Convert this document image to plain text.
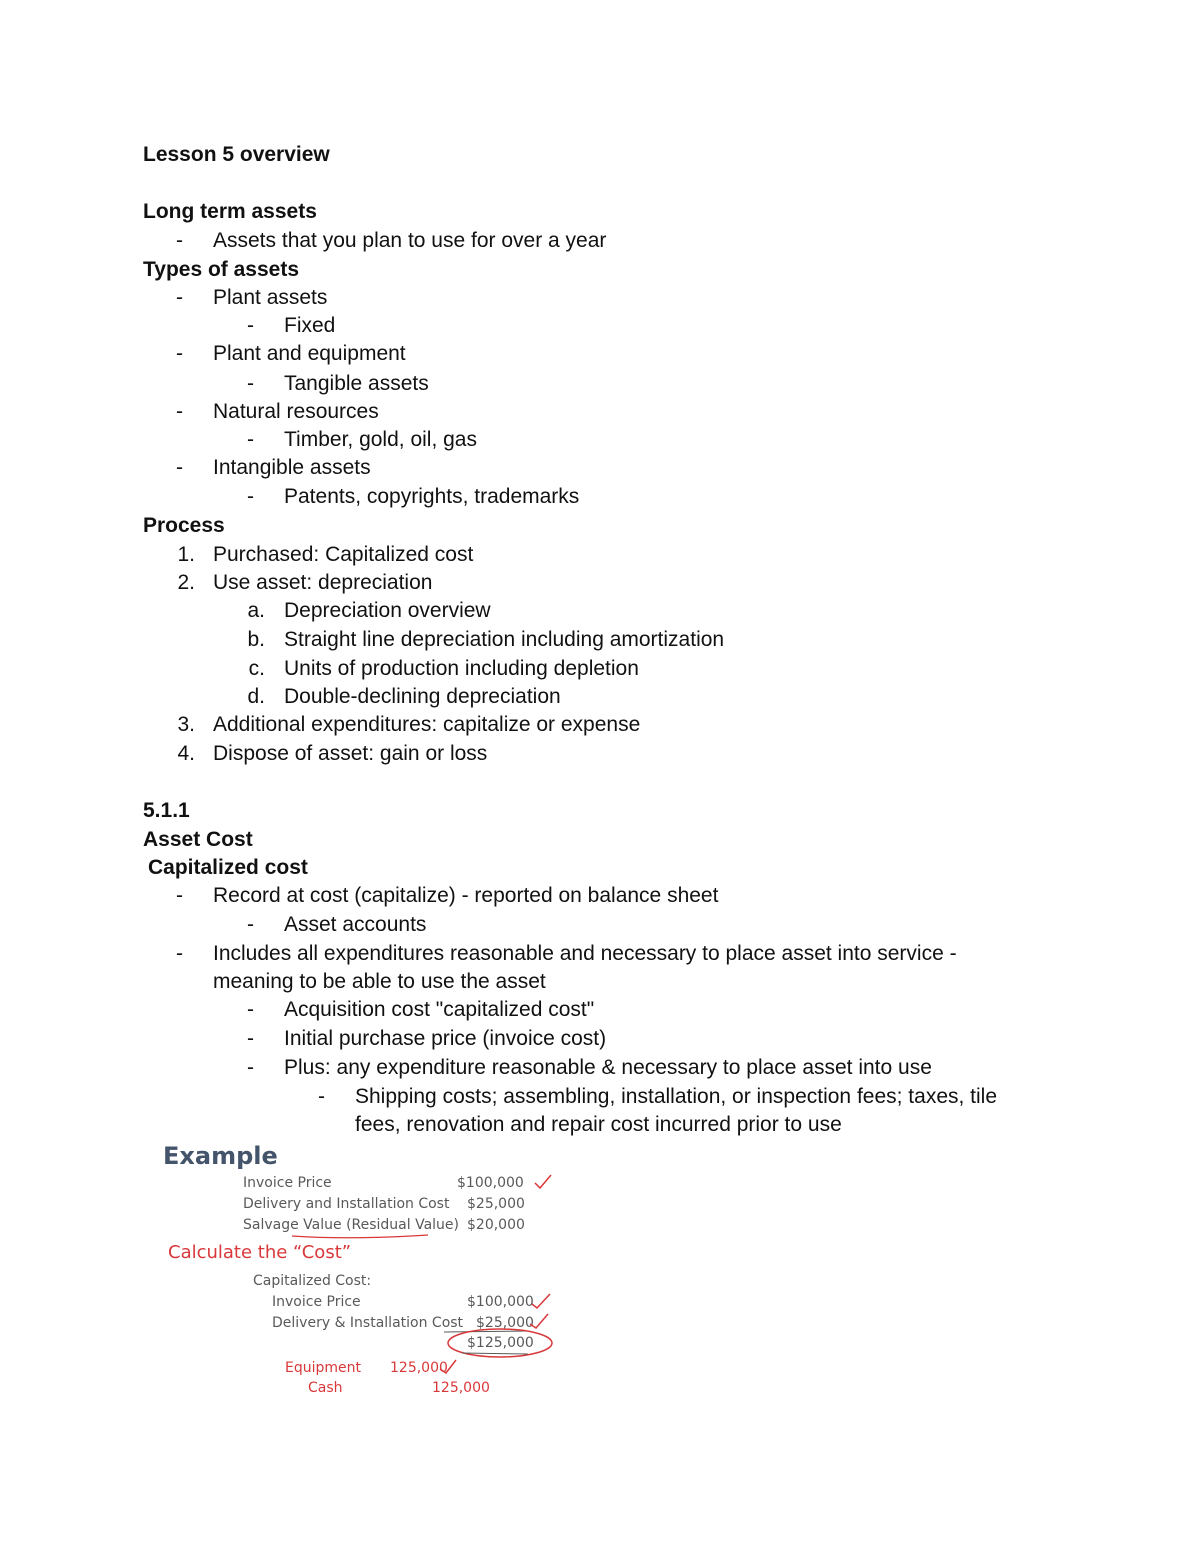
Lesson 5 overview
Long term assets
- Assets that you plan to use for over a year
Types of assets
- Plant assets
- Fixed
- Plant and equipment
- Tangible assets
- Natural resources
- Timber, gold, oil, gas
- Intangible assets
- Patents, copyrights, trademarks
Process
1. Purchased: Capitalized cost
2. Use asset: depreciation
a. Depreciation overview
b. Straight line depreciation including amortization
c. Units of production including depletion
d. Double-declining depreciation
3. Additional expenditures: capitalize or expense
4. Dispose of asset: gain or loss
5.1.1
Asset Cost
Capitalized cost
- Record at cost (capitalize) - reported on balance sheet
- Asset accounts
- Includes all expenditures reasonable and necessary to place asset into service -
meaning to be able to use the asset
- Acquisition cost "capitalized cost"
- Initial purchase price (invoice cost)
- Plus: any expenditure reasonable & necessary to place asset into use
- Shipping costs; assembling, installation, or inspection fees; taxes, tile
fees, renovation and repair cost incurred prior to use
Example
Invoice Price	$100,000
Delivery and Installation Cost $25,000
Salvage Value (Residual Value) $20,000
Calculate the “Cost”
Capitalized Cost:
Invoice Price	$100,000
Delivery & Installation Cost $25,000
$125,000
Equipment 125,000
Cash	125,000
